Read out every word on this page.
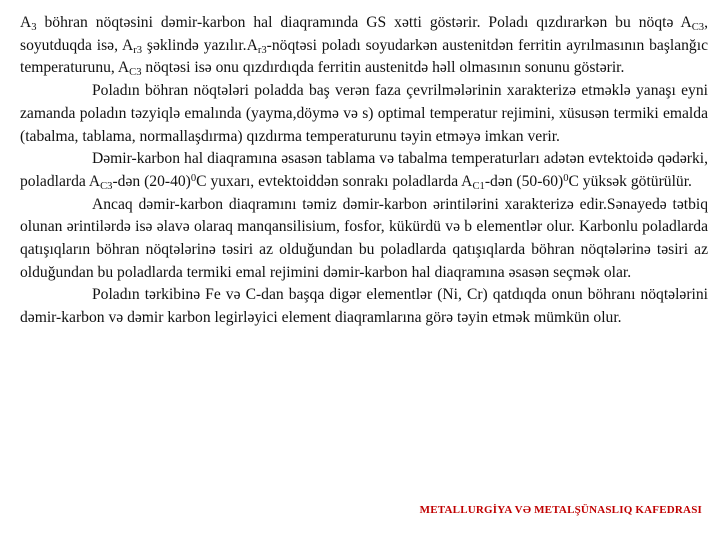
$A_3$ böhran nöqtəsini dəmir-karbon hal diaqramında GS xətti göstərir. Poladı qızdırarkən bu nöqtə $A_{C3}$, soyutduqda isə, $A_{r3}$ şəklində $yazılır.A_{r3}$-nöqtəsi poladı soyudarkən austenitdən ferritin ayrılmasının başlanğıc temperaturunu, $A_{C3}$ nöqtəsi isə onu qızdırdıqda ferritin austenitdə həll olmasının sonunu göstərir.

Poladın böhran nöqtələri poladda baş verən faza çevrilmələrinin xarakterizə etməklə yanaşı eyni zamanda poladın təzyiqlə emalında (yayma,döymə və s) optimal temperatur rejimini, xüsusən termiki emalda (tabalma, tablama, normallaşdırma) qızdırma temperaturunu təyin etməyə imkan verir.

Dəmir-karbon hal diaqramına əsasən tablama və tabalma temperaturları adətən evtektoidə qədərki, poladlarda $A_{C3}$-dən $(20-40)^0C$ yuxarı, evtektoiddən sonrakı poladlarda $A_{C1}$-dən $(50-60)^0C$ yüksək götürülür.

Ancaq dəmir-karbon diaqramını təmiz dəmir-karbon ərintilərini xarakterizə edir.Sənayedə tətbiq olunan ərintilərdə isə əlavə olaraq manqansilisium, fosfor, kükürdü və b elementlər olur. Karbonlu poladlarda qatışıqların böhran nöqtələrinə təsiri az olduğundan bu poladlarda qatışıqlarda böhran nöqtələrinə təsiri az olduğundan bu poladlarda termiki emal rejimini dəmir-karbon hal diaqramına əsasən seçmək olar.

Poladın tərkibinə Fe və C-dan başqa digər elementlər (Ni, Cr) qatdıqda onun böhranı nöqtələrini dəmir-karbon və dəmir karbon legirləyici element diaqramlarına görə təyin etmək mümkün olur.

METALLURGİYA VƏ METALŞÜNASLIQ KAFEDRASI
